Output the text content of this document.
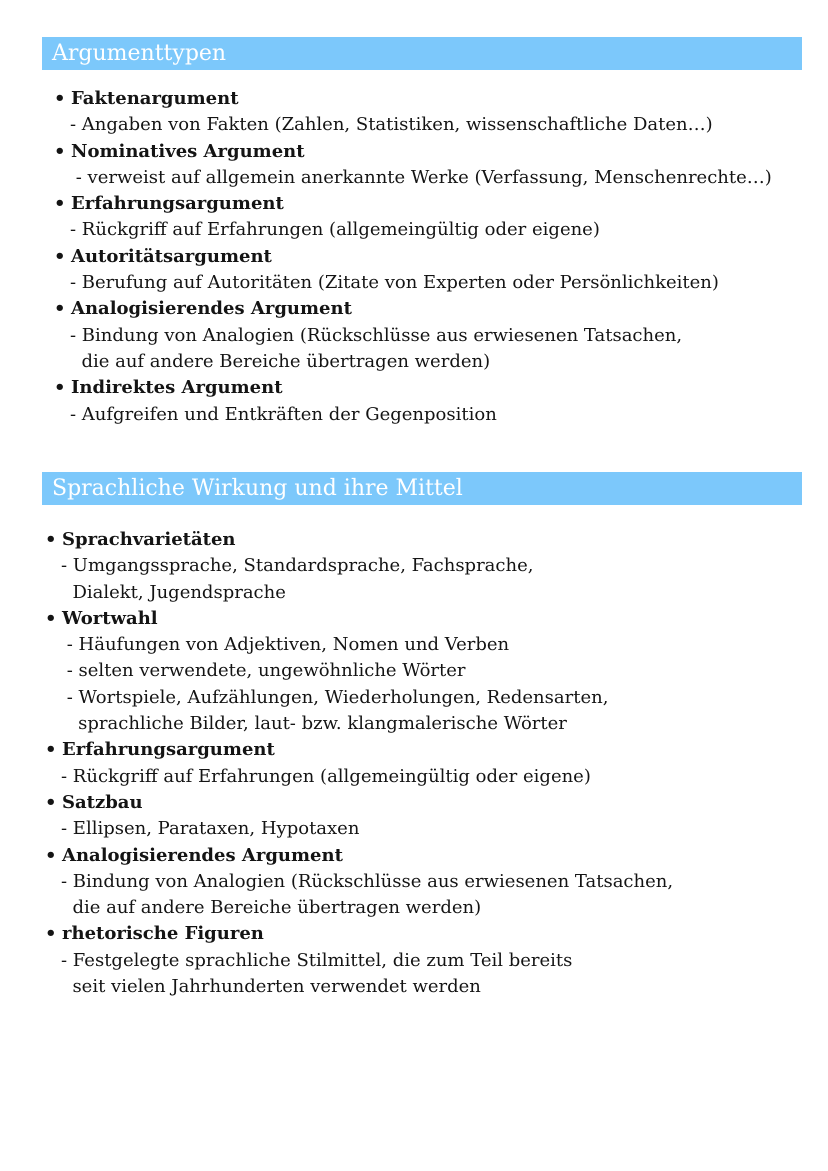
Argumenttypen
• Faktenargument
- Angaben von Fakten (Zahlen, Statistiken, wissenschaftliche Daten…)
• Nominatives Argument
- verweist auf allgemein anerkannte Werke (Verfassung, Menschenrechte…)
• Erfahrungsargument
- Rückgriff auf Erfahrungen (allgemeingültig oder eigene)
• Autoritätsargument
- Berufung auf Autoritäten (Zitate von Experten oder Persönlichkeiten)
• Analogisierendes Argument
- Bindung von Analogien (Rückschlüsse aus erwiesenen Tatsachen,
die auf andere Bereiche übertragen werden)
• Indirektes Argument
- Aufgreifen und Entkräften der Gegenposition
Sprachliche Wirkung und ihre Mittel
• Sprachvarietäten
- Umgangssprache, Standardsprache, Fachsprache,
Dialekt, Jugendsprache
• Wortwahl
- Häufungen von Adjektiven, Nomen und Verben
- selten verwendete, ungewöhnliche Wörter
- Wortspiele, Aufzählungen, Wiederholungen, Redensarten,
sprachliche Bilder, laut- bzw. klangmalerische Wörter
• Erfahrungsargument
- Rückgriff auf Erfahrungen (allgemeingültig oder eigene)
• Satzbau
- Ellipsen, Parataxen, Hypotaxen
• Analogisierendes Argument
- Bindung von Analogien (Rückschlüsse aus erwiesenen Tatsachen,
die auf andere Bereiche übertragen werden)
• rhetorische Figuren
- Festgelegte sprachliche Stilmittel, die zum Teil bereits
seit vielen Jahrhunderten verwendet werden
